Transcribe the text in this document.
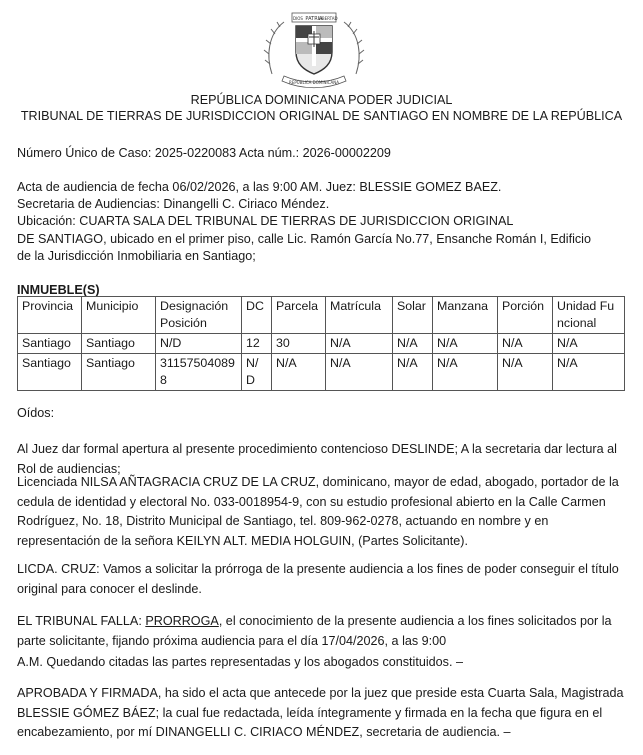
PATRIA
DIOS	LIBERTAD
REPÚBLICA DOMINICANA
REPÚBLICA DOMINICANA PODER JUDICIAL
TRIBUNAL DE TIERRAS DE JURISDICCION ORIGINAL DE SANTIAGO EN NOMBRE DE LA REPÚBLICA
Número Único de Caso: 2025-0220083 Acta núm.: 2026-00002209
Acta de audiencia de fecha 06/02/2026, a las 9:00 AM. Juez: BLESSIE GOMEZ BAEZ.
Secretaria de Audiencias: Dinangelli C. Ciriaco Méndez.
Ubicación: CUARTA SALA DEL TRIBUNAL DE TIERRAS DE JURISDICCION ORIGINAL
DE SANTIAGO, ubicado en el primer piso, calle Lic. Ramón García No.77, Ensanche Román I, Edificio
de la Jurisdicción Inmobiliaria en Santiago;
INMUEBLE(S)
Provincia	Municipio	Designación Posición	DC	Parcela	Matrícula	Solar	Manzana	Porción	Unidad Funcional
Santiago	Santiago	N/D	12	30	N/A	N/A	N/A	N/A	N/A
Santiago	Santiago	311575040898	N/D	N/A	N/A	N/A	N/A	N/A	N/A
Oídos:
Al Juez dar formal apertura al presente procedimiento contencioso DESLINDE; A la secretaria dar lectura al Rol de audiencias;
Licenciada NILSA AÑTAGRACIA CRUZ DE LA CRUZ, dominicano, mayor de edad, abogado, portador de la cedula de identidad y electoral No. 033-0018954-9, con su estudio profesional abierto en la Calle Carmen Rodríguez, No. 18, Distrito Municipal de Santiago, tel. 809-962-0278, actuando en nombre y en representación de la señora KEILYN ALT. MEDIA HOLGUIN, (Partes Solicitante).
LICDA. CRUZ: Vamos a solicitar la prórroga de la presente audiencia a los fines de poder conseguir el título original para conocer el deslinde.
EL TRIBUNAL FALLA: PRORROGA, el conocimiento de la presente audiencia a los fines solicitados por la parte solicitante, fijando próxima audiencia para el día 17/04/2026, a las 9:00
A.M. Quedando citadas las partes representadas y los abogados constituidos. –
APROBADA Y FIRMADA, ha sido el acta que antecede por la juez que preside esta Cuarta Sala, Magistrada BLESSIE GÓMEZ BÁEZ; la cual fue redactada, leída íntegramente y firmada en la fecha que figura en el encabezamiento, por mí DINANGELLI C. CIRIACO MÉNDEZ, secretaria de audiencia. –
